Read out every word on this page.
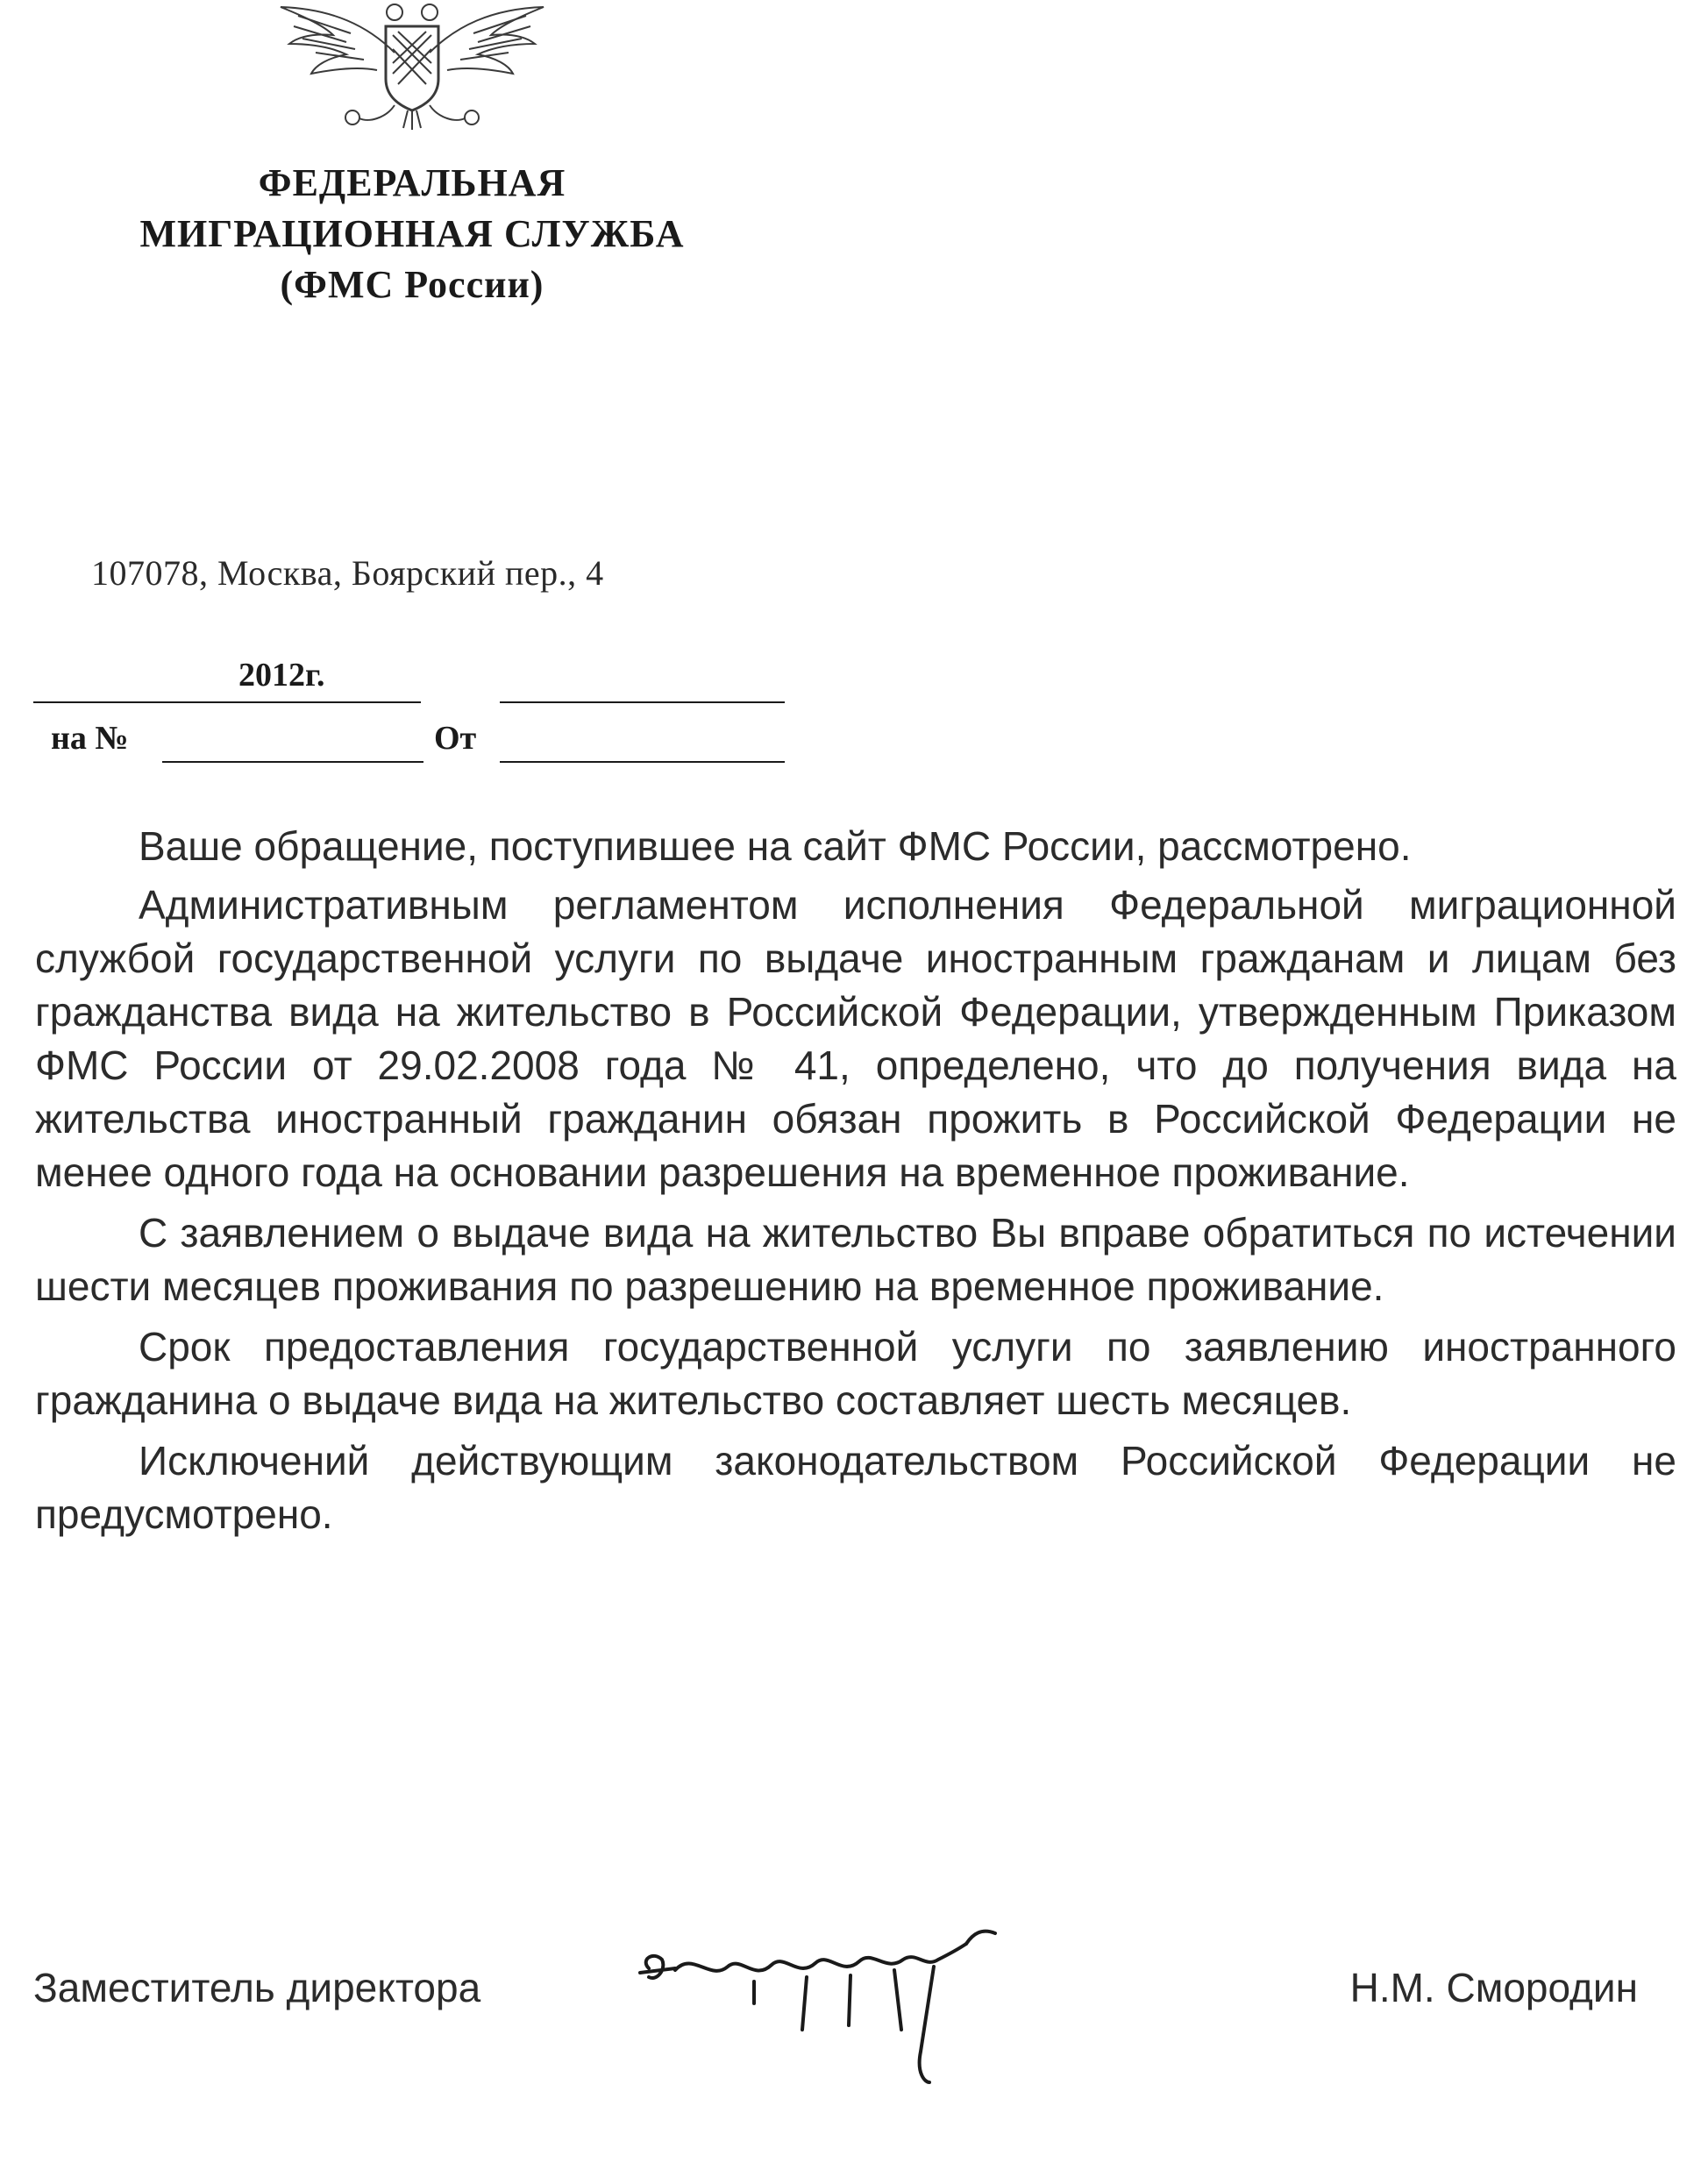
ФЕДЕРАЛЬНАЯ
МИГРАЦИОННАЯ СЛУЖБА
(ФМС России)
107078, Москва, Боярский пер., 4
2012г.
на №	От

Ваше обращение, поступившее на сайт ФМС России, рассмотрено.

Административным регламентом исполнения Федеральной миграционной службой государственной услуги по выдаче иностранным гражданам и лицам без гражданства вида на жительство в Российской Федерации, утвержденным Приказом ФМС России от 29.02.2008 года № 41, определено, что до получения вида на жительства иностранный гражданин обязан прожить в Российской Федерации не менее одного года на основании разрешения на временное проживание.

С заявлением о выдаче вида на жительство Вы вправе обратиться по истечении шести месяцев проживания по разрешению на временное проживание.

Срок предоставления государственной услуги по заявлению иностранного гражданина о выдаче вида на жительство составляет шесть месяцев.

Исключений действующим законодательством Российской Федерации не предусмотрено.

Заместитель директора	Н.М. Смородин
